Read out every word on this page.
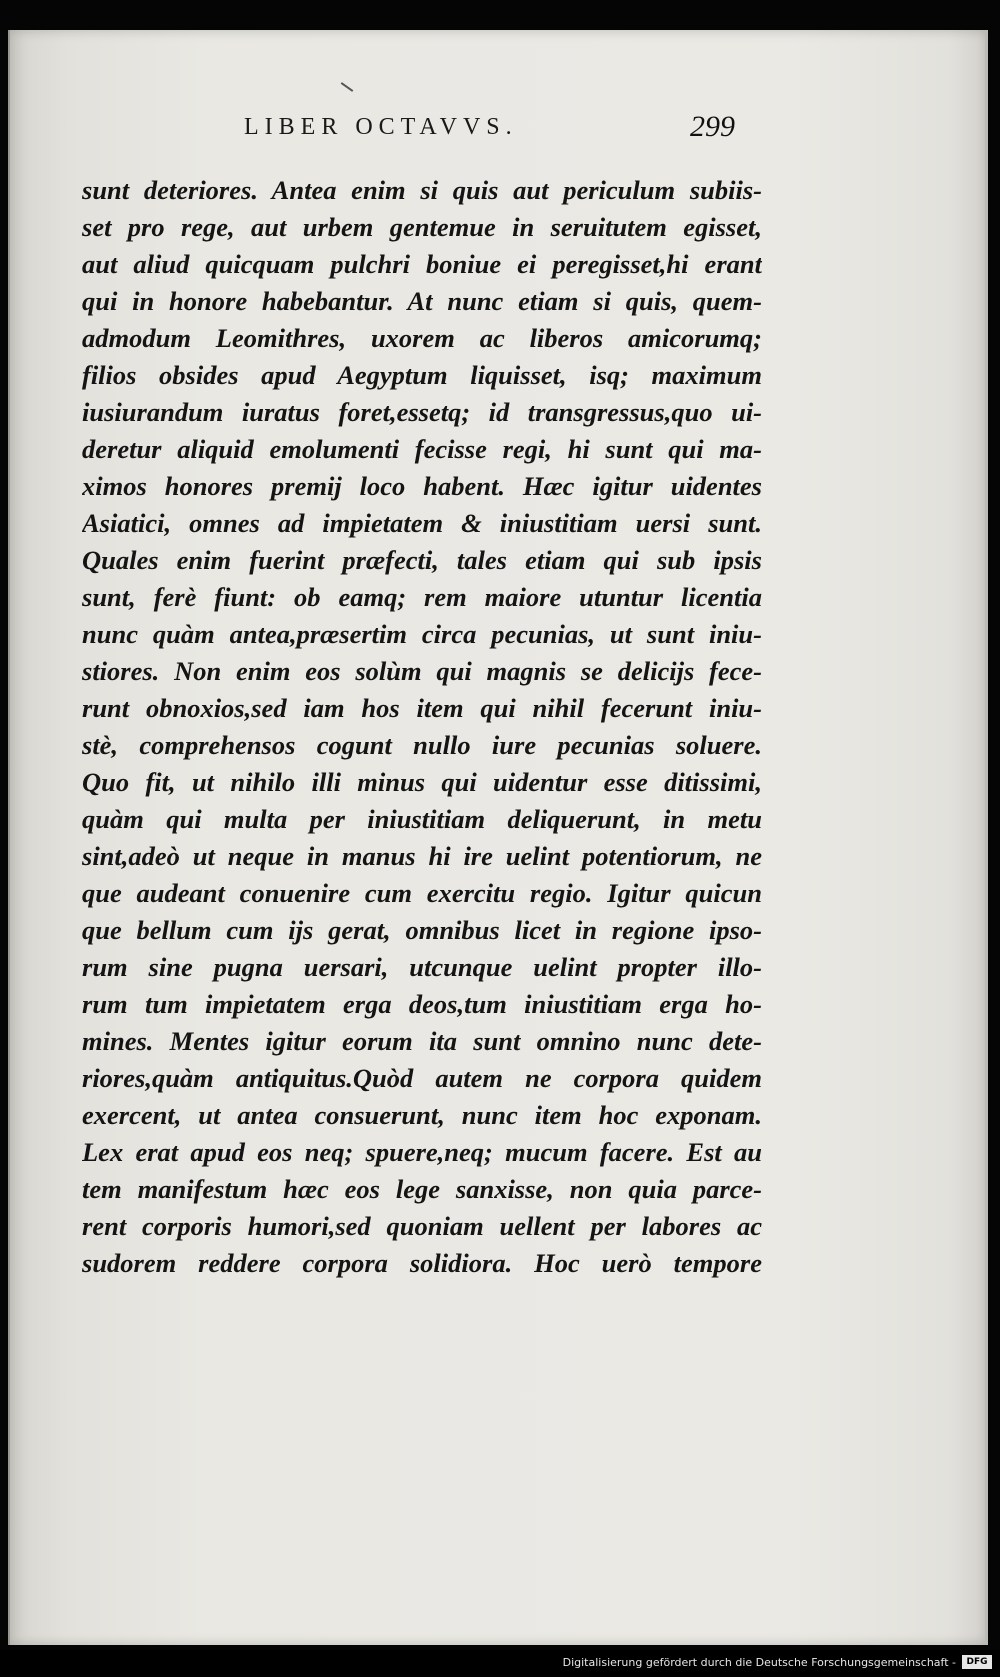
LIBER OCTAVVS.	299
sunt deteriores. Antea enim si quis aut periculum subiis-
set pro rege, aut urbem gentemue in seruitutem egisset,
aut aliud quicquam pulchri boniue ei peregisset,hi erant
qui in honore habebantur. At nunc etiam si quis, quem-
admodum Leomithres, uxorem ac liberos amicorumq;
filios obsides apud Aegyptum liquisset, isq; maximum
iusiurandum iuratus foret,essetq; id transgressus,quo ui-
deretur aliquid emolumenti fecisse regi, hi sunt qui ma-
ximos honores premij loco habent. Hæc igitur uidentes
Asiatici, omnes ad impietatem & iniustitiam uersi sunt.
Quales enim fuerint præfecti, tales etiam qui sub ipsis
sunt, ferè fiunt: ob eamq; rem maiore utuntur licentia
nunc quàm antea,præsertim circa pecunias, ut sunt iniu-
stiores. Non enim eos solùm qui magnis se delicijs fece-
runt obnoxios,sed iam hos item qui nihil fecerunt iniu-
stè, comprehensos cogunt nullo iure pecunias soluere.
Quo fit, ut nihilo illi minus qui uidentur esse ditissimi,
quàm qui multa per iniustitiam deliquerunt, in metu
sint,adeò ut neque in manus hi ire uelint potentiorum, ne
que audeant conuenire cum exercitu regio. Igitur quicun
que bellum cum ijs gerat, omnibus licet in regione ipso-
rum sine pugna uersari, utcunque uelint propter illo-
rum tum impietatem erga deos,tum iniustitiam erga ho-
mines. Mentes igitur eorum ita sunt omnino nunc dete-
riores,quàm antiquitus.Quòd autem ne corpora quidem
exercent, ut antea consuerunt, nunc item hoc exponam.
Lex erat apud eos neq; spuere,neq; mucum facere. Est au
tem manifestum hæc eos lege sanxisse, non quia parce-
rent corporis humori,sed quoniam uellent per labores ac
sudorem reddere corpora solidiora. Hoc uerò tempore
Digitalisierung gefördert durch die Deutsche Forschungsgemeinschaft -	DFG
